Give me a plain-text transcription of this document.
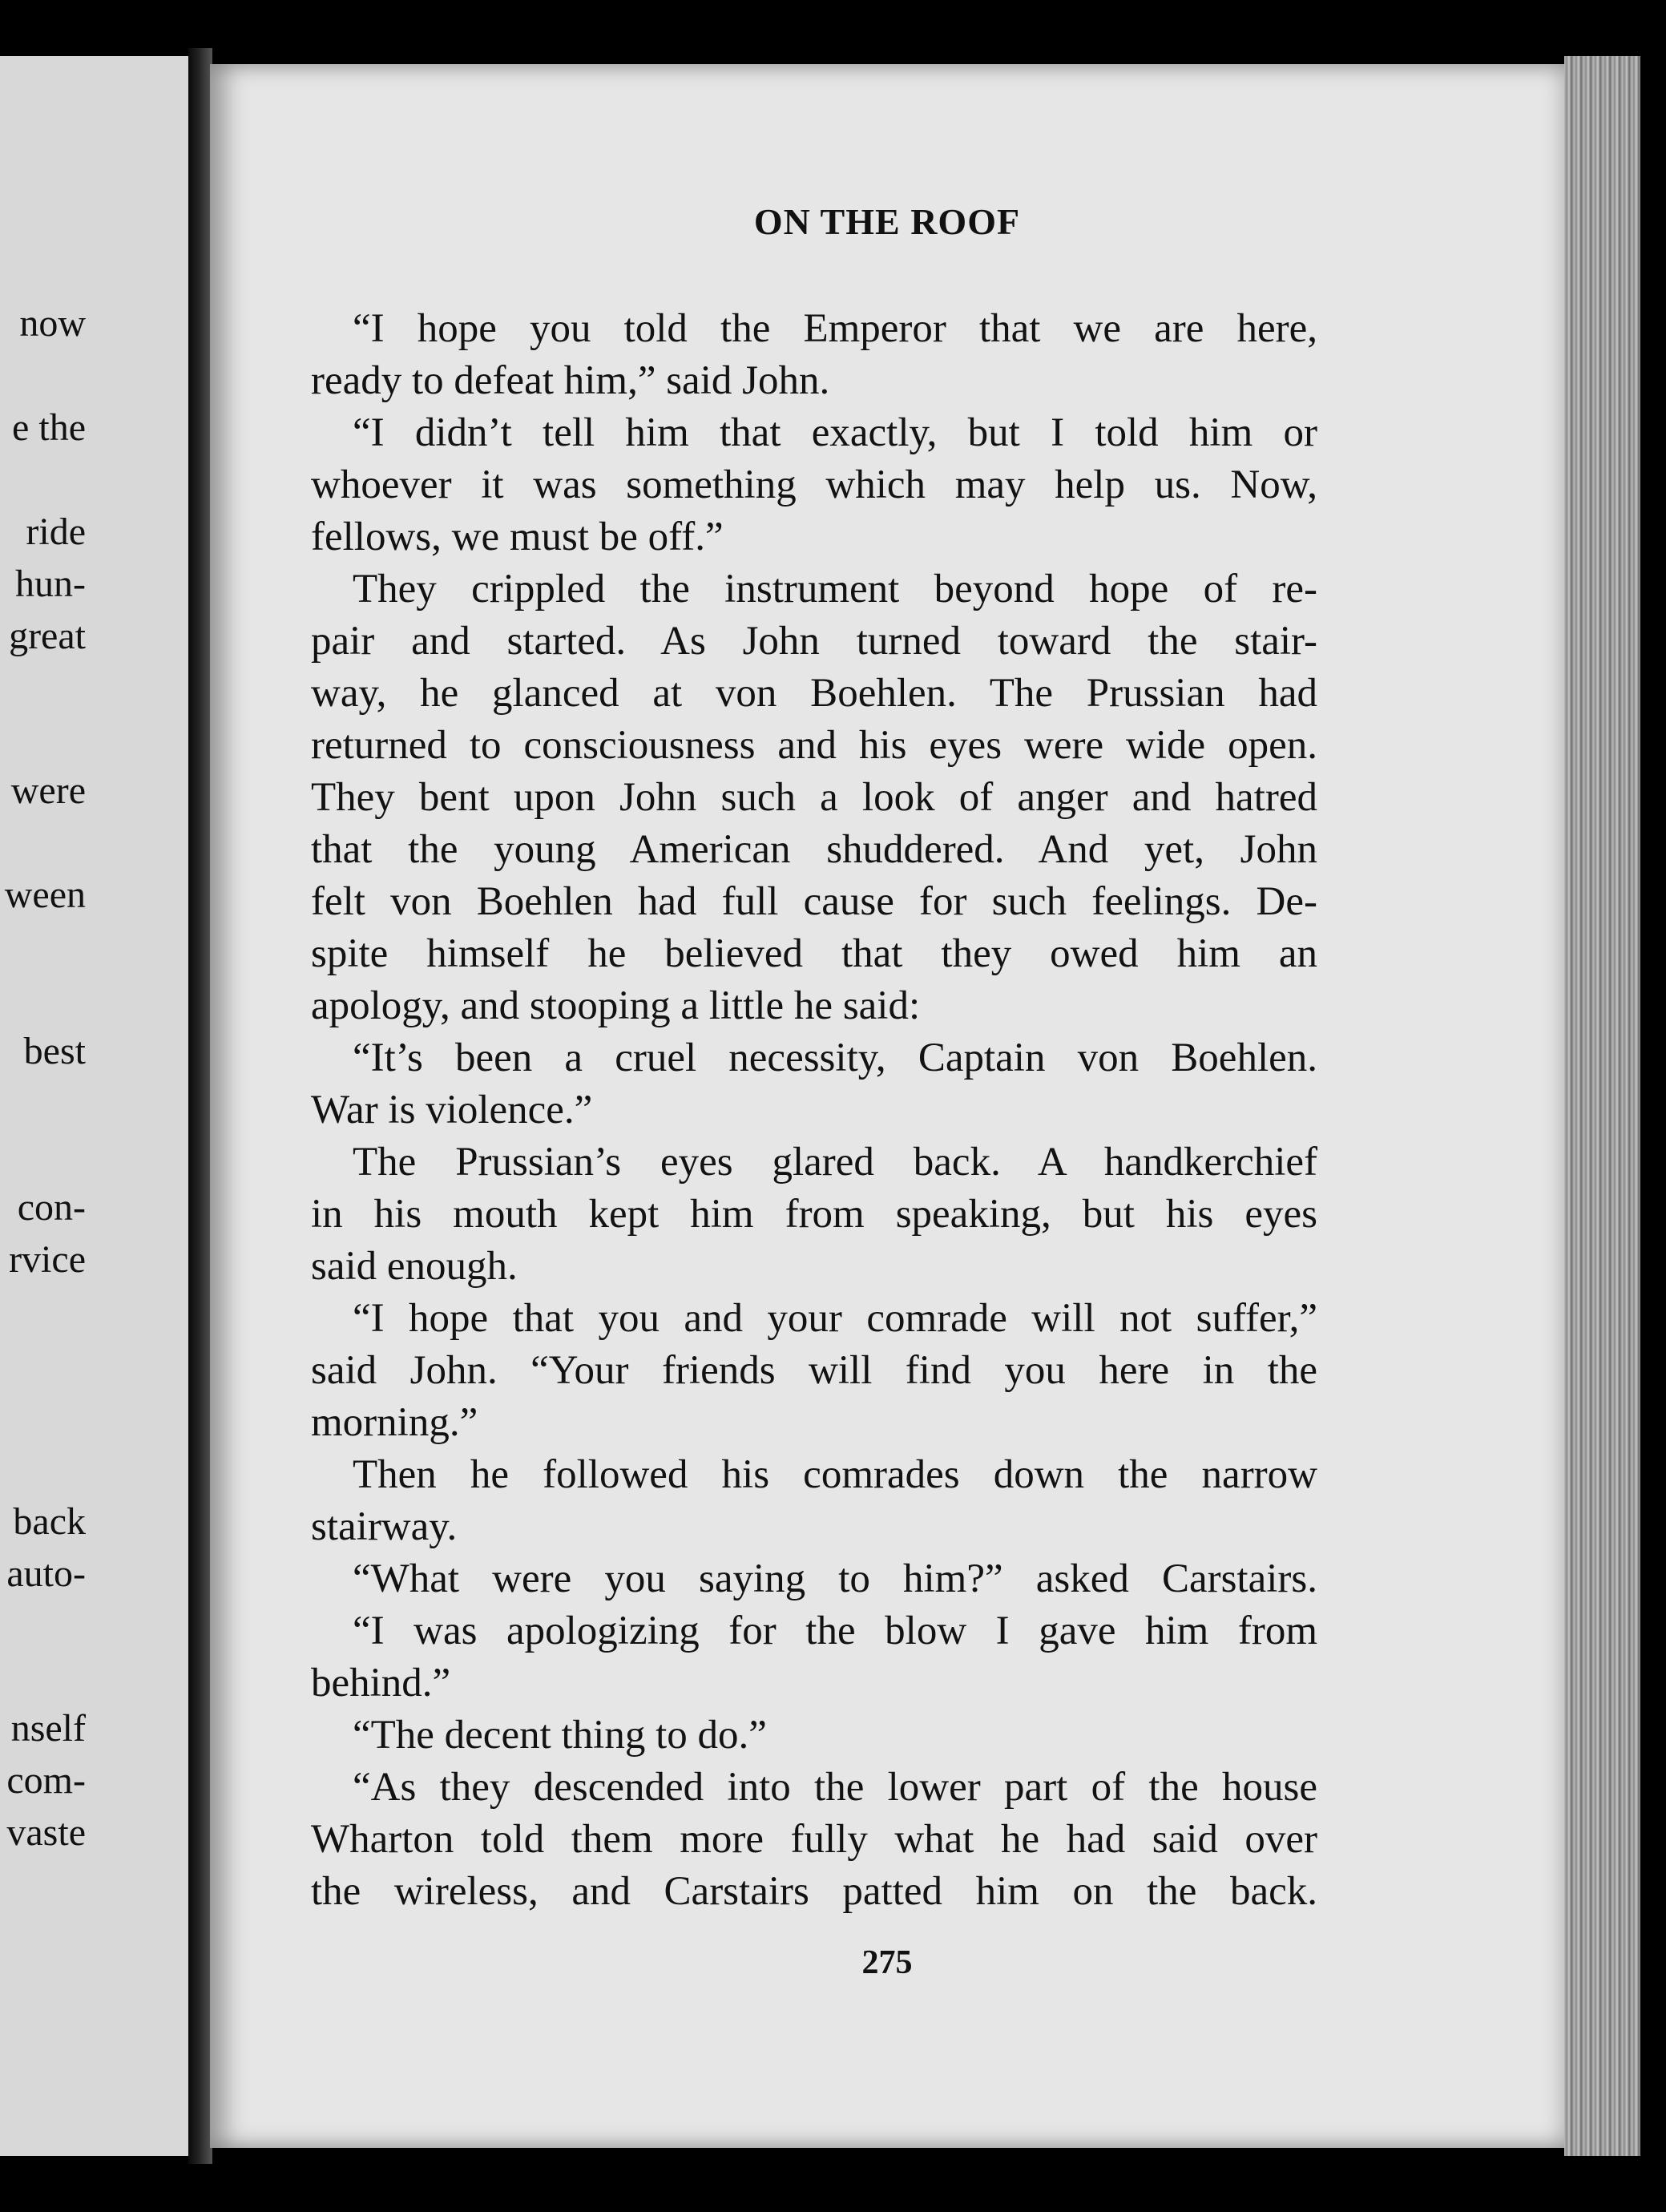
now
e the
ride
hun-
great
were
ween
best
con-
rvice
back
auto-
nself
com-
vaste
ON THE ROOF
“I hope you told the Emperor that we are here,
ready to defeat him,” said John.
“I didn’t tell him that exactly, but I told him or
whoever it was something which may help us. Now,
fellows, we must be off.”
They crippled the instrument beyond hope of re-
pair and started. As John turned toward the stair-
way, he glanced at von Boehlen. The Prussian had
returned to consciousness and his eyes were wide open.
They bent upon John such a look of anger and hatred
that the young American shuddered. And yet, John
felt von Boehlen had full cause for such feelings. De-
spite himself he believed that they owed him an
apology, and stooping a little he said:
“It’s been a cruel necessity, Captain von Boehlen.
War is violence.”
The Prussian’s eyes glared back. A handkerchief
in his mouth kept him from speaking, but his eyes
said enough.
“I hope that you and your comrade will not suffer,”
said John. “Your friends will find you here in the
morning.”
Then he followed his comrades down the narrow
stairway.
“What were you saying to him?” asked Carstairs.
“I was apologizing for the blow I gave him from
behind.”
“The decent thing to do.”
“As they descended into the lower part of the house
Wharton told them more fully what he had said over
the wireless, and Carstairs patted him on the back.
275
